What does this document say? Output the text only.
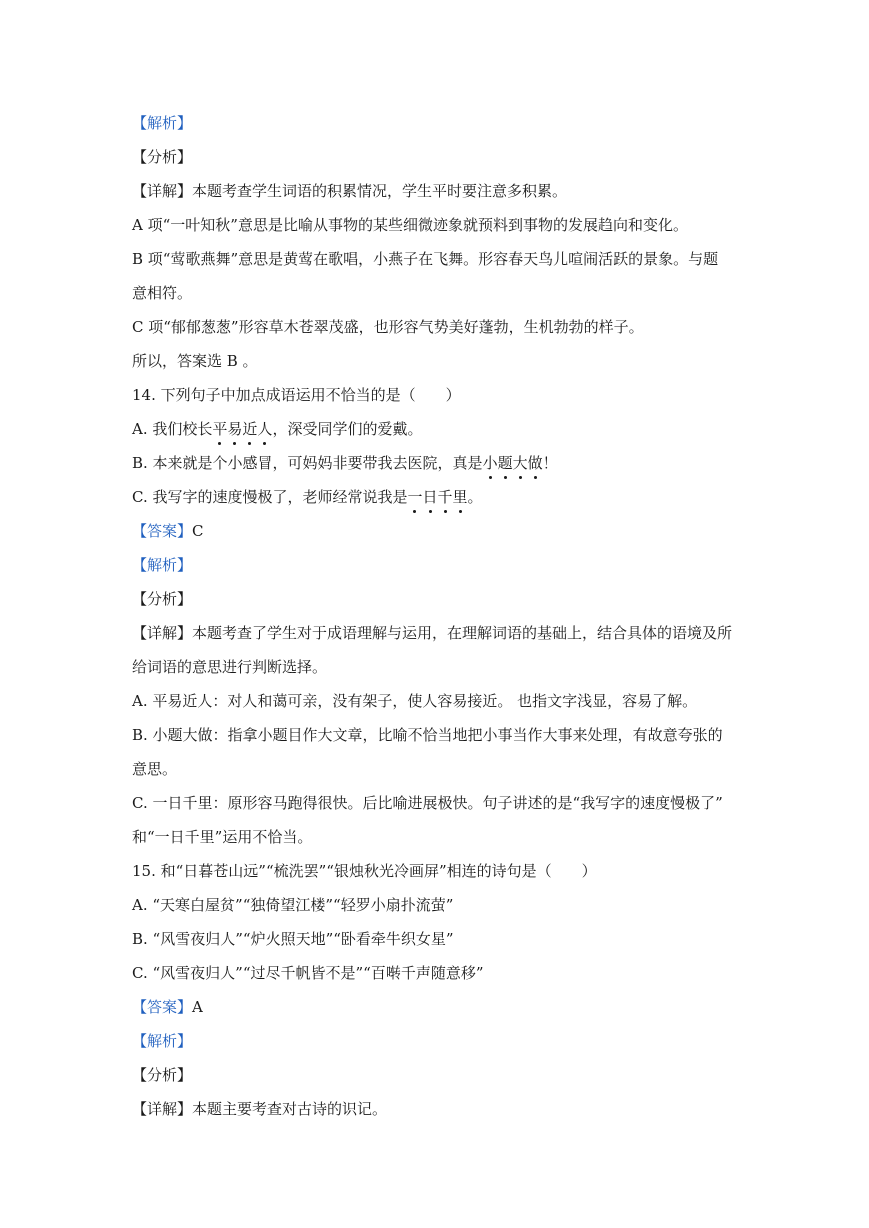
【解析】
【分析】
【详解】本题考查学生词语的积累情况，学生平时要注意多积累。
A 项“一叶知秋”意思是比喻从事物的某些细微迹象就预料到事物的发展趋向和变化。
B 项“莺歌燕舞”意思是黄莺在歌唱，小燕子在飞舞。形容春天鸟儿喧闹活跃的景象。与题
意相符。
C 项“郁郁葱葱”形容草木苍翠茂盛，也形容气势美好蓬勃，生机勃勃的样子。
所以，答案选 B 。
14. 下列句子中加点成语运用不恰当的是（　　）
A. 我们校长平易近人，深受同学们的爱戴。
B. 本来就是个小感冒，可妈妈非要带我去医院，真是小题大做！
C. 我写字的速度慢极了，老师经常说我是一日千里。
【答案】C
【解析】
【分析】
【详解】本题考查了学生对于成语理解与运用，在理解词语的基础上，结合具体的语境及所
给词语的意思进行判断选择。
A. 平易近人：对人和蔼可亲，没有架子，使人容易接近。 也指文字浅显，容易了解。
B. 小题大做：指拿小题目作大文章，比喻不恰当地把小事当作大事来处理，有故意夸张的
意思。
C. 一日千里：原形容马跑得很快。后比喻进展极快。句子讲述的是“我写字的速度慢极了”
和“一日千里”运用不恰当。
15. 和“日暮苍山远”“梳洗罢”“银烛秋光冷画屏”相连的诗句是（　　）
A. “天寒白屋贫”“独倚望江楼”“轻罗小扇扑流萤”
B. “风雪夜归人”“炉火照天地”“卧看牵牛织女星”
C. “风雪夜归人”“过尽千帆皆不是”“百啭千声随意移”
【答案】A
【解析】
【分析】
【详解】本题主要考查对古诗的识记。
